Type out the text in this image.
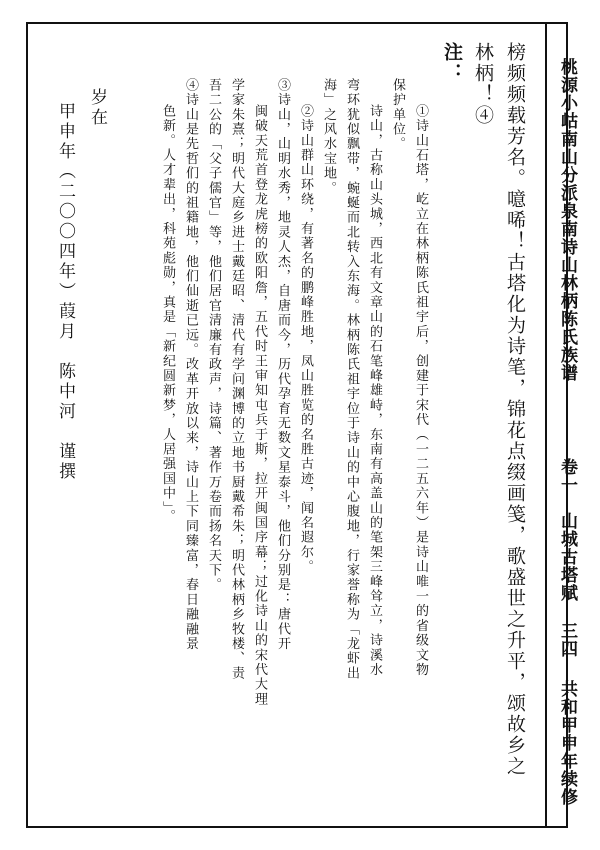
桃源小岵南山分派泉南诗山林柄陈氏族谱
卷一　山城古塔赋
三四
共和甲申年续修
榜频频载芳名。噫唏！古塔化为诗笔，锦花点缀画笺，歌盛世之升平，颂故乡之
林柄！④
注：
①诗山石塔，屹立在林柄陈氏祖宇后，创建于宋代（一二五六年）是诗山唯一的省级文物
保护单位。
诗山，古称山头城，西北有文章山的石笔峰雄峙，东南有高盖山的笔架三峰耸立，诗溪水
弯环犹似飘带，蜿蜒而北转入东海。林柄陈氏祖宇位于诗山的中心腹地，行家誉称为「龙虾出
海」之风水宝地。
②诗山群山环绕，有著名的鹏峰胜地，凤山胜览的名胜古迹，闻名遐尔。
③诗山，山明水秀，地灵人杰，自唐而今，历代孕育无数文星泰斗，他们分别是：唐代开
闽破天荒首登龙虎榜的欧阳詹，五代时王审知屯兵于斯，拉开闽国序幕；过化诗山的宋代大理
学家朱熹；明代大庭乡进士戴廷昭、清代有学问渊博的立地书厨戴希朱；明代林柄乡牧楼、责
吾二公的「父子儒官」等，他们居官清廉有政声，诗篇、著作万卷而扬名天下。
④诗山是先哲们的祖籍地，他们仙逝已远。改革开放以来，诗山上下同臻富，春日融融景
色新。人才辈出，科苑彪勋，真是「新纪圆新梦，人居强国中」。
岁在
甲申年（二〇〇四年）葭月　陈中河　谨撰
